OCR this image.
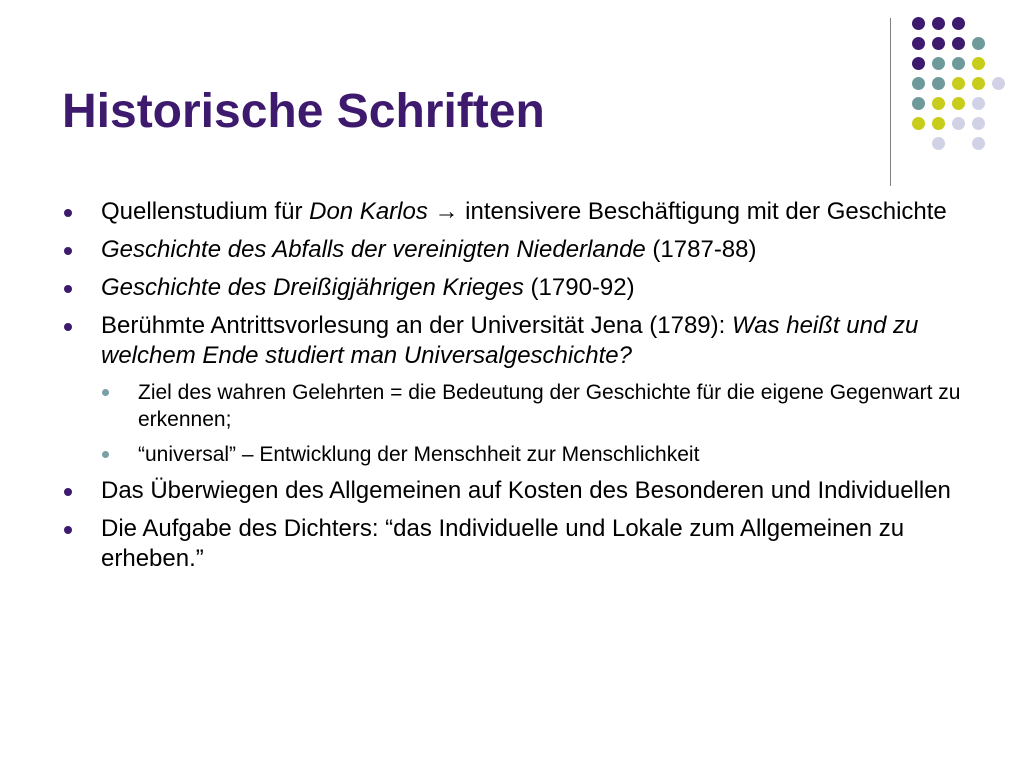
Historische Schriften
Quellenstudium für Don Karlos → intensivere Beschäftigung mit der Geschichte
Geschichte des Abfalls der vereinigten Niederlande (1787-88)
Geschichte des Dreißigjährigen Krieges (1790-92)
Berühmte Antrittsvorlesung an der Universität Jena (1789): Was heißt und zu welchem Ende studiert man Universalgeschichte?
Ziel des wahren Gelehrten = die Bedeutung der Geschichte für die eigene Gegenwart zu erkennen;
“universal” – Entwicklung der Menschheit zur Menschlichkeit
Das Überwiegen des Allgemeinen auf Kosten des Besonderen und Individuellen
Die Aufgabe des Dichters: “das Individuelle und Lokale zum Allgemeinen zu erheben.”
